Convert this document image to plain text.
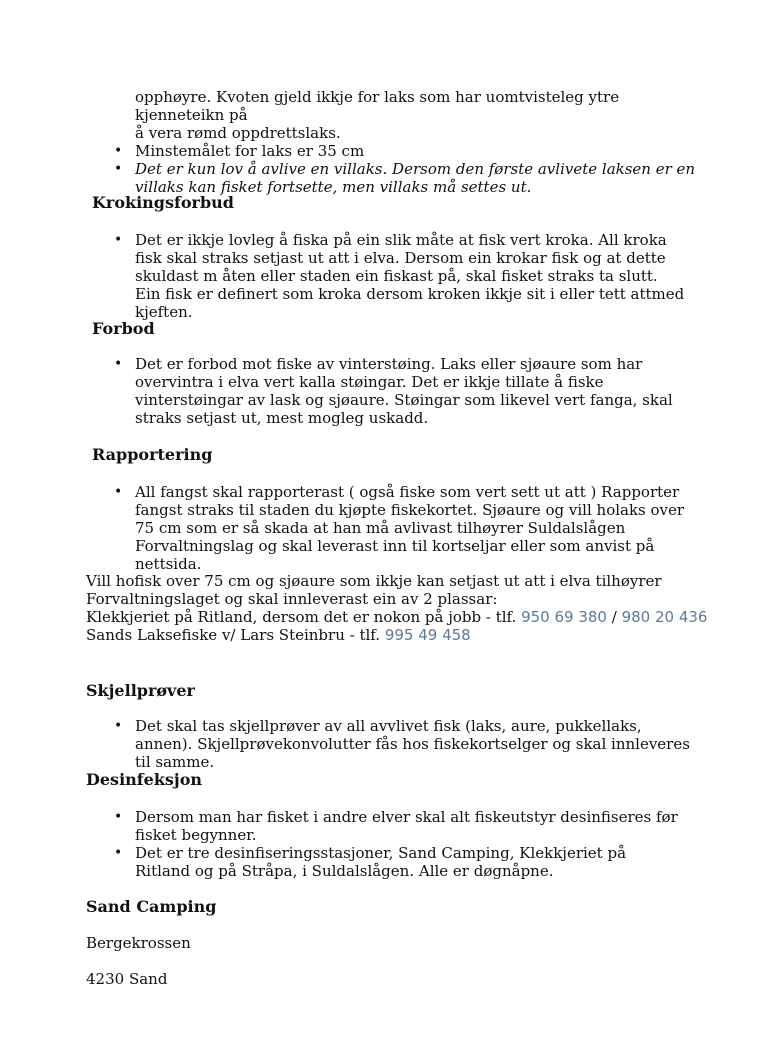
opphøyre. Kvoten gjeld ikkje for laks som har uomtvisteleg ytre kjenneteikn på
å vera rømd oppdrettslaks.
• Minstemålet for laks er 35 cm
• Det er kun lov å avlive en villaks. Dersom den første avlivete laksen er en villaks kan fisket fortsette, men villaks må settes ut.
Krokingsforbud
• Det er ikkje lovleg å fiska på ein slik måte at fisk vert kroka. All kroka fisk skal straks setjast ut att i elva. Dersom ein krokar fisk og at dette skuldast m åten eller staden ein fiskast på, skal fisket straks ta slutt. Ein fisk er definert som kroka dersom kroken ikkje sit i eller tett attmed kjeften.
Forbod
• Det er forbod mot fiske av vinterstøing. Laks eller sjøaure som har overvintra i elva vert kalla støingar. Det er ikkje tillate å fiske vinterstøingar av lask og sjøaure. Støingar som likevel vert fanga, skal straks setjast ut, mest mogleg uskadd.
Rapportering
• All fangst skal rapporterast ( også fiske som vert sett ut att ) Rapporter fangst straks til staden du kjøpte fiskekortet. Sjøaure og vill holaks over 75 cm som er så skada at han må avlivast tilhøyrer Suldalslågen Forvaltningslag og skal leverast inn til kortseljar eller som anvist på nettsida.
Vill hofisk over 75 cm og sjøaure som ikkje kan setjast ut att i elva tilhøyrer
Forvaltningslaget og skal innleverast ein av 2 plassar:
Klekkjeriet på Ritland, dersom det er nokon på jobb - tlf. 950 69 380 / 980 20 436
Sands Laksefiske v/ Lars Steinbru - tlf. 995 49 458
Skjellprøver
• Det skal tas skjellprøver av all avvlivet fisk (laks, aure, pukkellaks, annen). Skjellprøvekonvolutter fås hos fiskekortselger og skal innleveres til samme.
Desinfeksjon
• Dersom man har fisket i andre elver skal alt fiskeutstyr desinfiseres før fisket begynner.
• Det er tre desinfiseringsstasjoner, Sand Camping, Klekkjeriet på Ritland og på Stråpa, i Suldalslågen. Alle er døgnåpne.
Sand Camping
Bergekrossen
4230 Sand
